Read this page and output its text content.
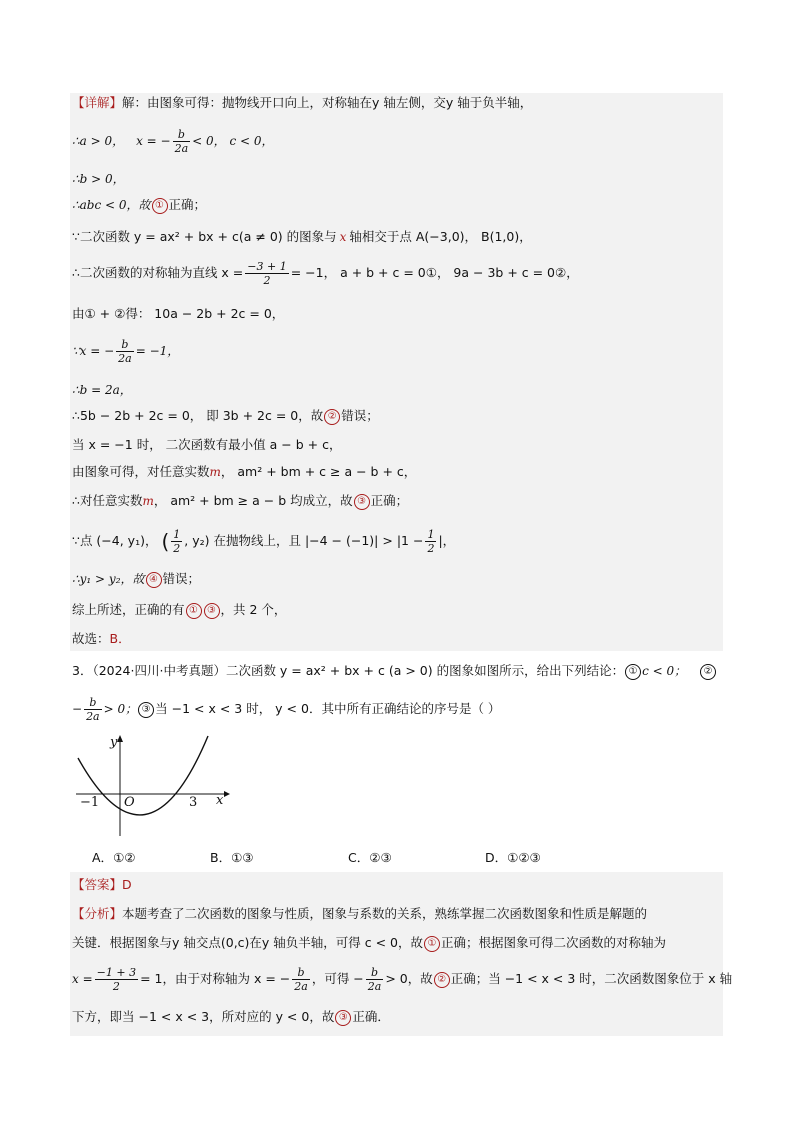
【详解】解：由图象可得：抛物线开口向上，对称轴在y 轴左侧，交y 轴于负半轴，
∴a > 0， x = − $\frac{b}{2a} < 0$， c < 0，
∴b > 0，
∴abc < 0，故 ① 正确；
∵二次函数 y = ax² + bx + c(a ≠ 0) 的图象与 x 轴相交于点 A(−3,0)， B(1,0)，
∴二次函数的对称轴为直线 $x = \frac{-3 + 1}{2} = -1$， a + b + c = 0①， 9a − 3b + c = 0②，
由① + ②得： 10a − 2b + 2c = 0，
∵x = − $\frac{b}{2a} = -1$，
∴b = 2a，
∴5b − 2b + 2c = 0， 即 3b + 2c = 0，故 ② 错误；
当 x = −1 时， 二次函数有最小值 a − b + c，
由图象可得，对任意实数m， am² + bm + c ≥ a − b + c，
∴对任意实数m， am² + bm ≥ a − b 均成立，故 ③ 正确；
∵点 (−4, y₁)， ( $\frac{1}{2}$ , y₂) 在抛物线上，且 $|-4 - (-1)| > |1 - \frac{1}{2}$ |，
∴y₁ > y₂，故 ④ 错误；
综上所述，正确的有 ① ③ ，共 2 个，
故选：B．
3．（2024·四川·中考真题）二次函数 y = ax² + bx + c (a > 0) 的图象如图所示，给出下列结论： ① c < 0； ②
− $\frac{b}{2a} > 0$； ③ 当 −1 < x < 3 时， y < 0．其中所有正确结论的序号是（ ）
y
x
O
−1	3
A．①②	B．①③	C．②③	D．①②③
【答案】D
【分析】本题考查了二次函数的图象与性质，图象与系数的关系，熟练掌握二次函数图象和性质是解题的
关键．根据图象与y 轴交点(0,c)在y 轴负半轴，可得 c < 0，故 ① 正确；根据图象可得二次函数的对称轴为
$x = \frac{-1 + 3}{2} = 1$，由于对称轴为 x = − $\frac{b}{2a}$ ，可得 − $\frac{b}{2a} > 0$，故 ② 正确；当 −1 < x < 3 时，二次函数图象位于 x 轴
下方，即当 −1 < x < 3，所对应的 y < 0，故 ③ 正确．
